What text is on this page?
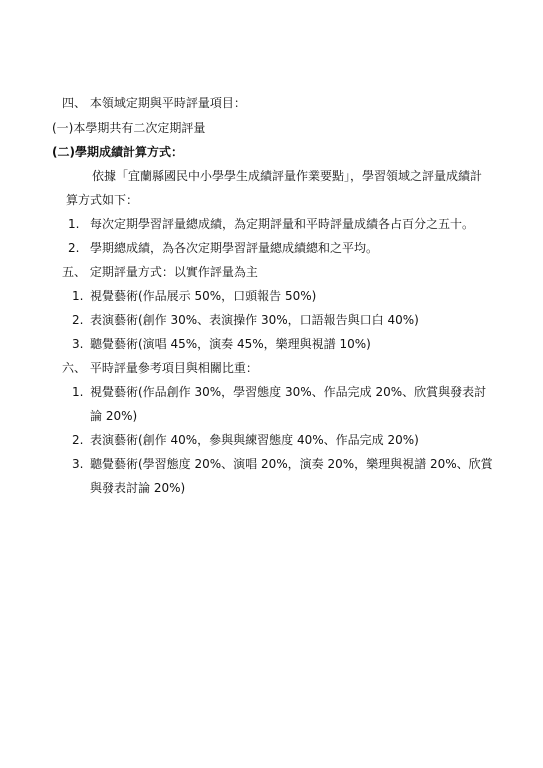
四、 本領域定期與平時評量項目：
(一)本學期共有二次定期評量
(二)學期成績計算方式：
依據「宜蘭縣國民中小學學生成績評量作業要點」，學習領域之評量成績計
算方式如下：
1. 每次定期學習評量總成績，為定期評量和平時評量成績各占百分之五十。
2. 學期總成績，為各次定期學習評量總成績總和之平均。
五、 定期評量方式：以實作評量為主
1. 視覺藝術(作品展示 50%，口頭報告 50%)
2. 表演藝術(創作 30%、表演操作 30%，口語報告與口白 40%)
3. 聽覺藝術(演唱 45%，演奏 45%，樂理與視譜 10%)
六、 平時評量參考項目與相關比重：
1. 視覺藝術(作品創作 30%，學習態度 30%、作品完成 20%、欣賞與發表討
論 20%)
2. 表演藝術(創作 40%，參與與練習態度 40%、作品完成 20%)
3. 聽覺藝術(學習態度 20%、演唱 20%，演奏 20%，樂理與視譜 20%、欣賞
與發表討論 20%)
